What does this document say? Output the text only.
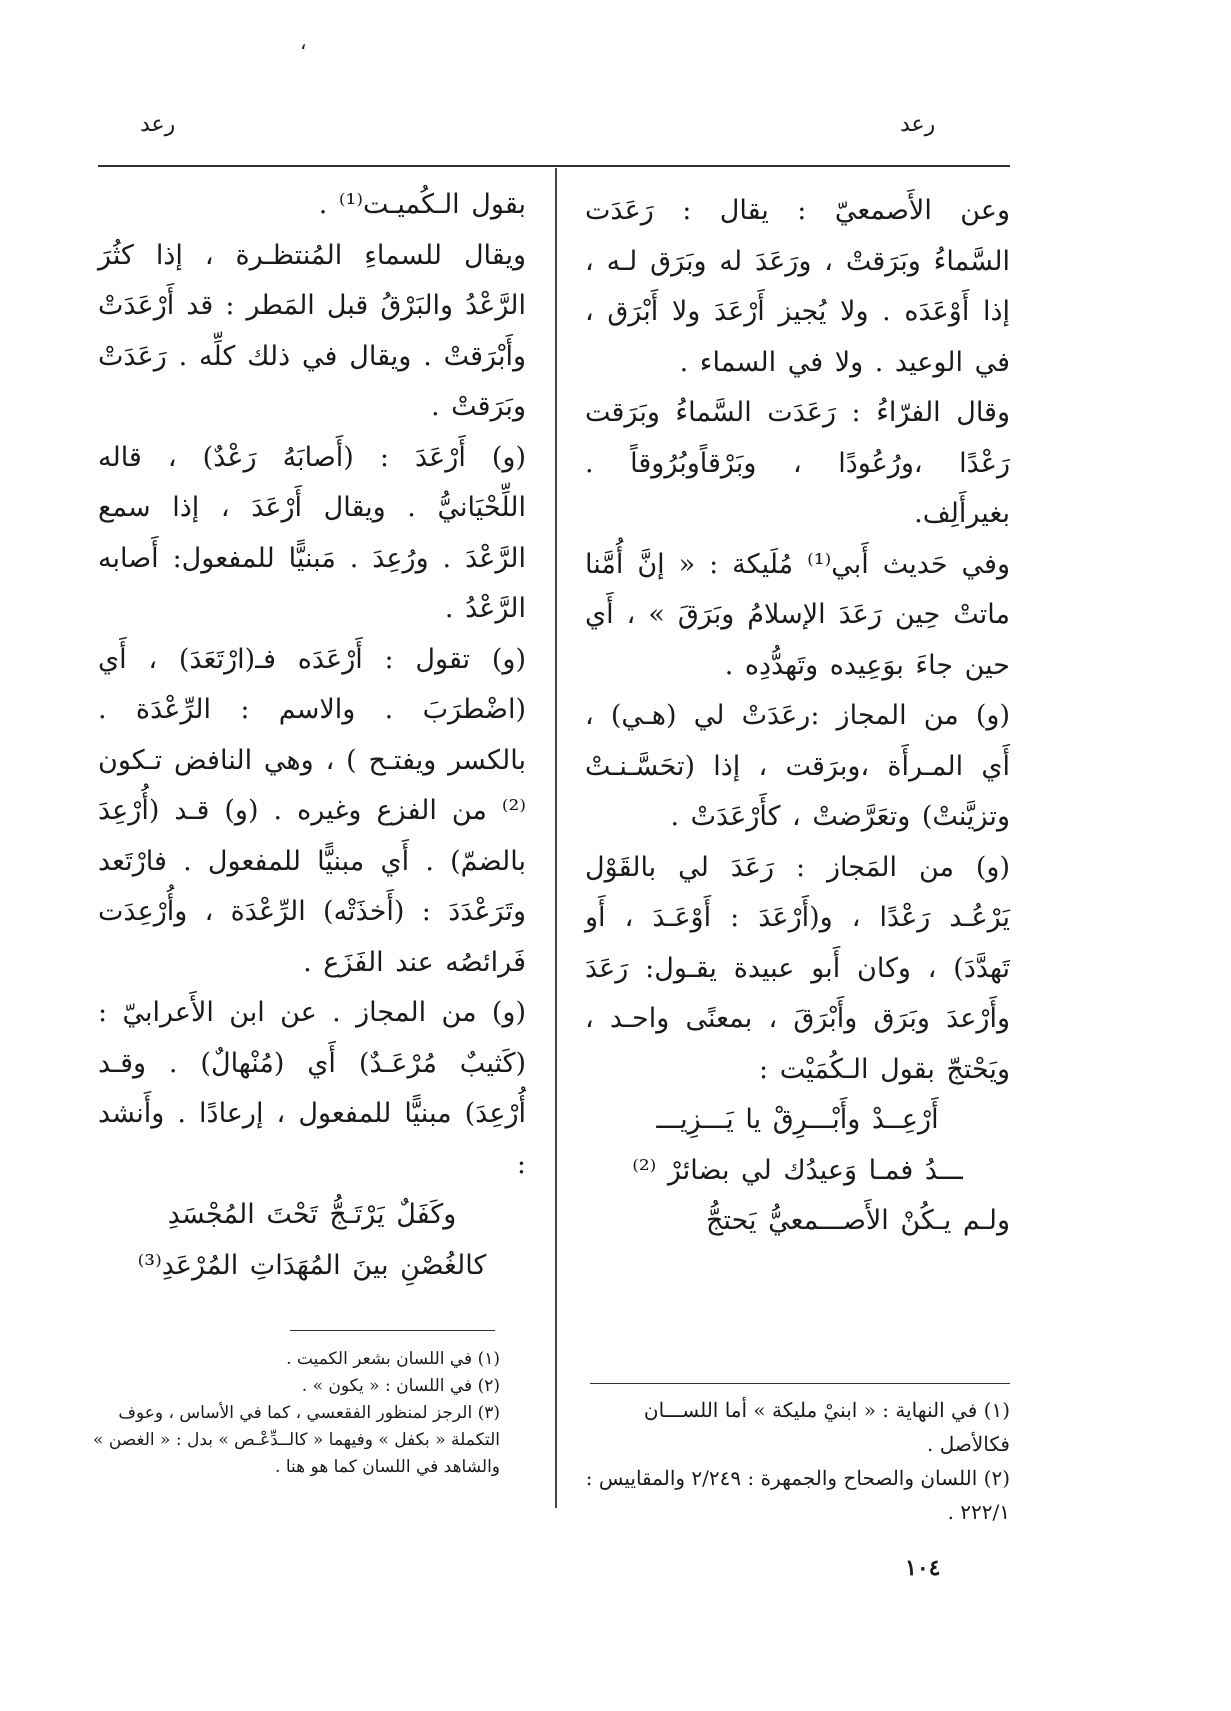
،
رعد
رعد

وعن الأَصمعيّ : يقال : رَعَدَت السَّماءُ وبَرَقتْ ، ورَعَدَ له وبَرَق لـه ، إذا أَوْعَدَه . ولا يُجيز أَرْعَدَ ولا أَبْرَق ، في الوعيد . ولا في السماء .

وقال الفرّاءُ : رَعَدَت السَّماءُ وبَرَقت رَعْدًا ،ورُعُودًا ، وبَرْقاًوبُرُوقاً . بغيرأَلِف.

وفي حَديث أَبي⁽¹⁾ مُلَيكة : « إنَّ أُمَّنا ماتتْ حِين رَعَدَ الإسلامُ وبَرَقَ » ، أَي حين جاءَ بوَعِيده وتَهدُّدِه .

(و) من المجاز :رعَدَتْ لي (هـي) ، أَي المـرأَة ،وبرَقت ، إذا (تحَسَّـنـتْ وتزيَّنتْ) وتعَرَّضتْ ، كأَرْعَدَتْ .

(و) من المَجاز : رَعَدَ لي بالقَوْل يَرْعُـد رَعْدًا ، و(أَرْعَدَ : أَوْعَـدَ ، أَو تَهدَّدَ) ، وكان أَبو عبيدة يقـول: رَعَدَ وأَرْعدَ وبَرَق وأَبْرَقَ ، بمعنًى واحـد ، ويَحْتجّ بقول الـكُمَيْت :

أَرْعِــدْ وأَبْـــرِقْ يا يَـــزِيـــ

ـــدُ فمـا وَعيدُك لي بضائرْ ⁽²⁾

ولـم يـكُنْ الأَصـــمعيُّ يَحتجُّ

بقول الـكُميـت⁽¹⁾ .

ويقال للسماءِ المُنتظـرة ، إذا كثُرَ الرَّعْدُ والبَرْقُ قبل المَطر : قد أَرْعَدَتْ وأَبْرَقتْ . ويقال في ذلك كلِّه . رَعَدَتْ وبَرَقتْ .

(و) أَرْعَدَ : (أَصابَهُ رَعْدٌ) ، قاله اللِّحْيَانيُّ . ويقال أَرْعَدَ ، إذا سمع الرَّعْدَ . ورُعِدَ . مَبنيًّا للمفعول: أَصابه الرَّعْدُ .

(و) تقول : أَرْعَدَه فـ(ارْتَعَدَ) ، أَي (اضْطرَبَ . والاسم : الرِّعْدَة . بالكسر ويفتـح ) ، وهي النافض تـكون ⁽²⁾ من الفزع وغيره . (و) قـد (أُرْعِدَ بالضمّ) . أَي مبنيًّا للمفعول . فارْتَعد وتَرَعْدَدَ : (أَخذَتْه) الرِّعْدَة ، وأُرْعِدَت فَرائصُه عند الفَزَع .

(و) من المجاز . عن ابن الأَعرابيّ : (كَثيبٌ مُرْعَـدٌ) أَي (مُنْهالٌ) . وقـد أُرْعِدَ) مبنيًّا للمفعول ، إرعادًا . وأَنشد :

وكَفَلٌ يَرْتَـجُّ تَحْتَ المُجْسَدِ

كالغُصْنِ بينَ المُهَدَاتِ المُرْعَدِ⁽³⁾

(١) في النهاية : « ابنيْ مليكة » أما اللســـان فكالأصل .

(٢) اللسان والصحاح والجمهرة : ٢/٢٤٩ والمقاييس : ٢٢٢/١ .

(١) في اللسان بشعر الكميت .

(٢) في اللسان : « يكون » .

(٣) الرجز لمنظور الفقعسي ، كما في الأساس ، وعوف التكملة « بكفل » وفيهما « كالــدِّعْـص » بدل : « الغصن » والشاهد في اللسان كما هو هنا .

١٠٤
